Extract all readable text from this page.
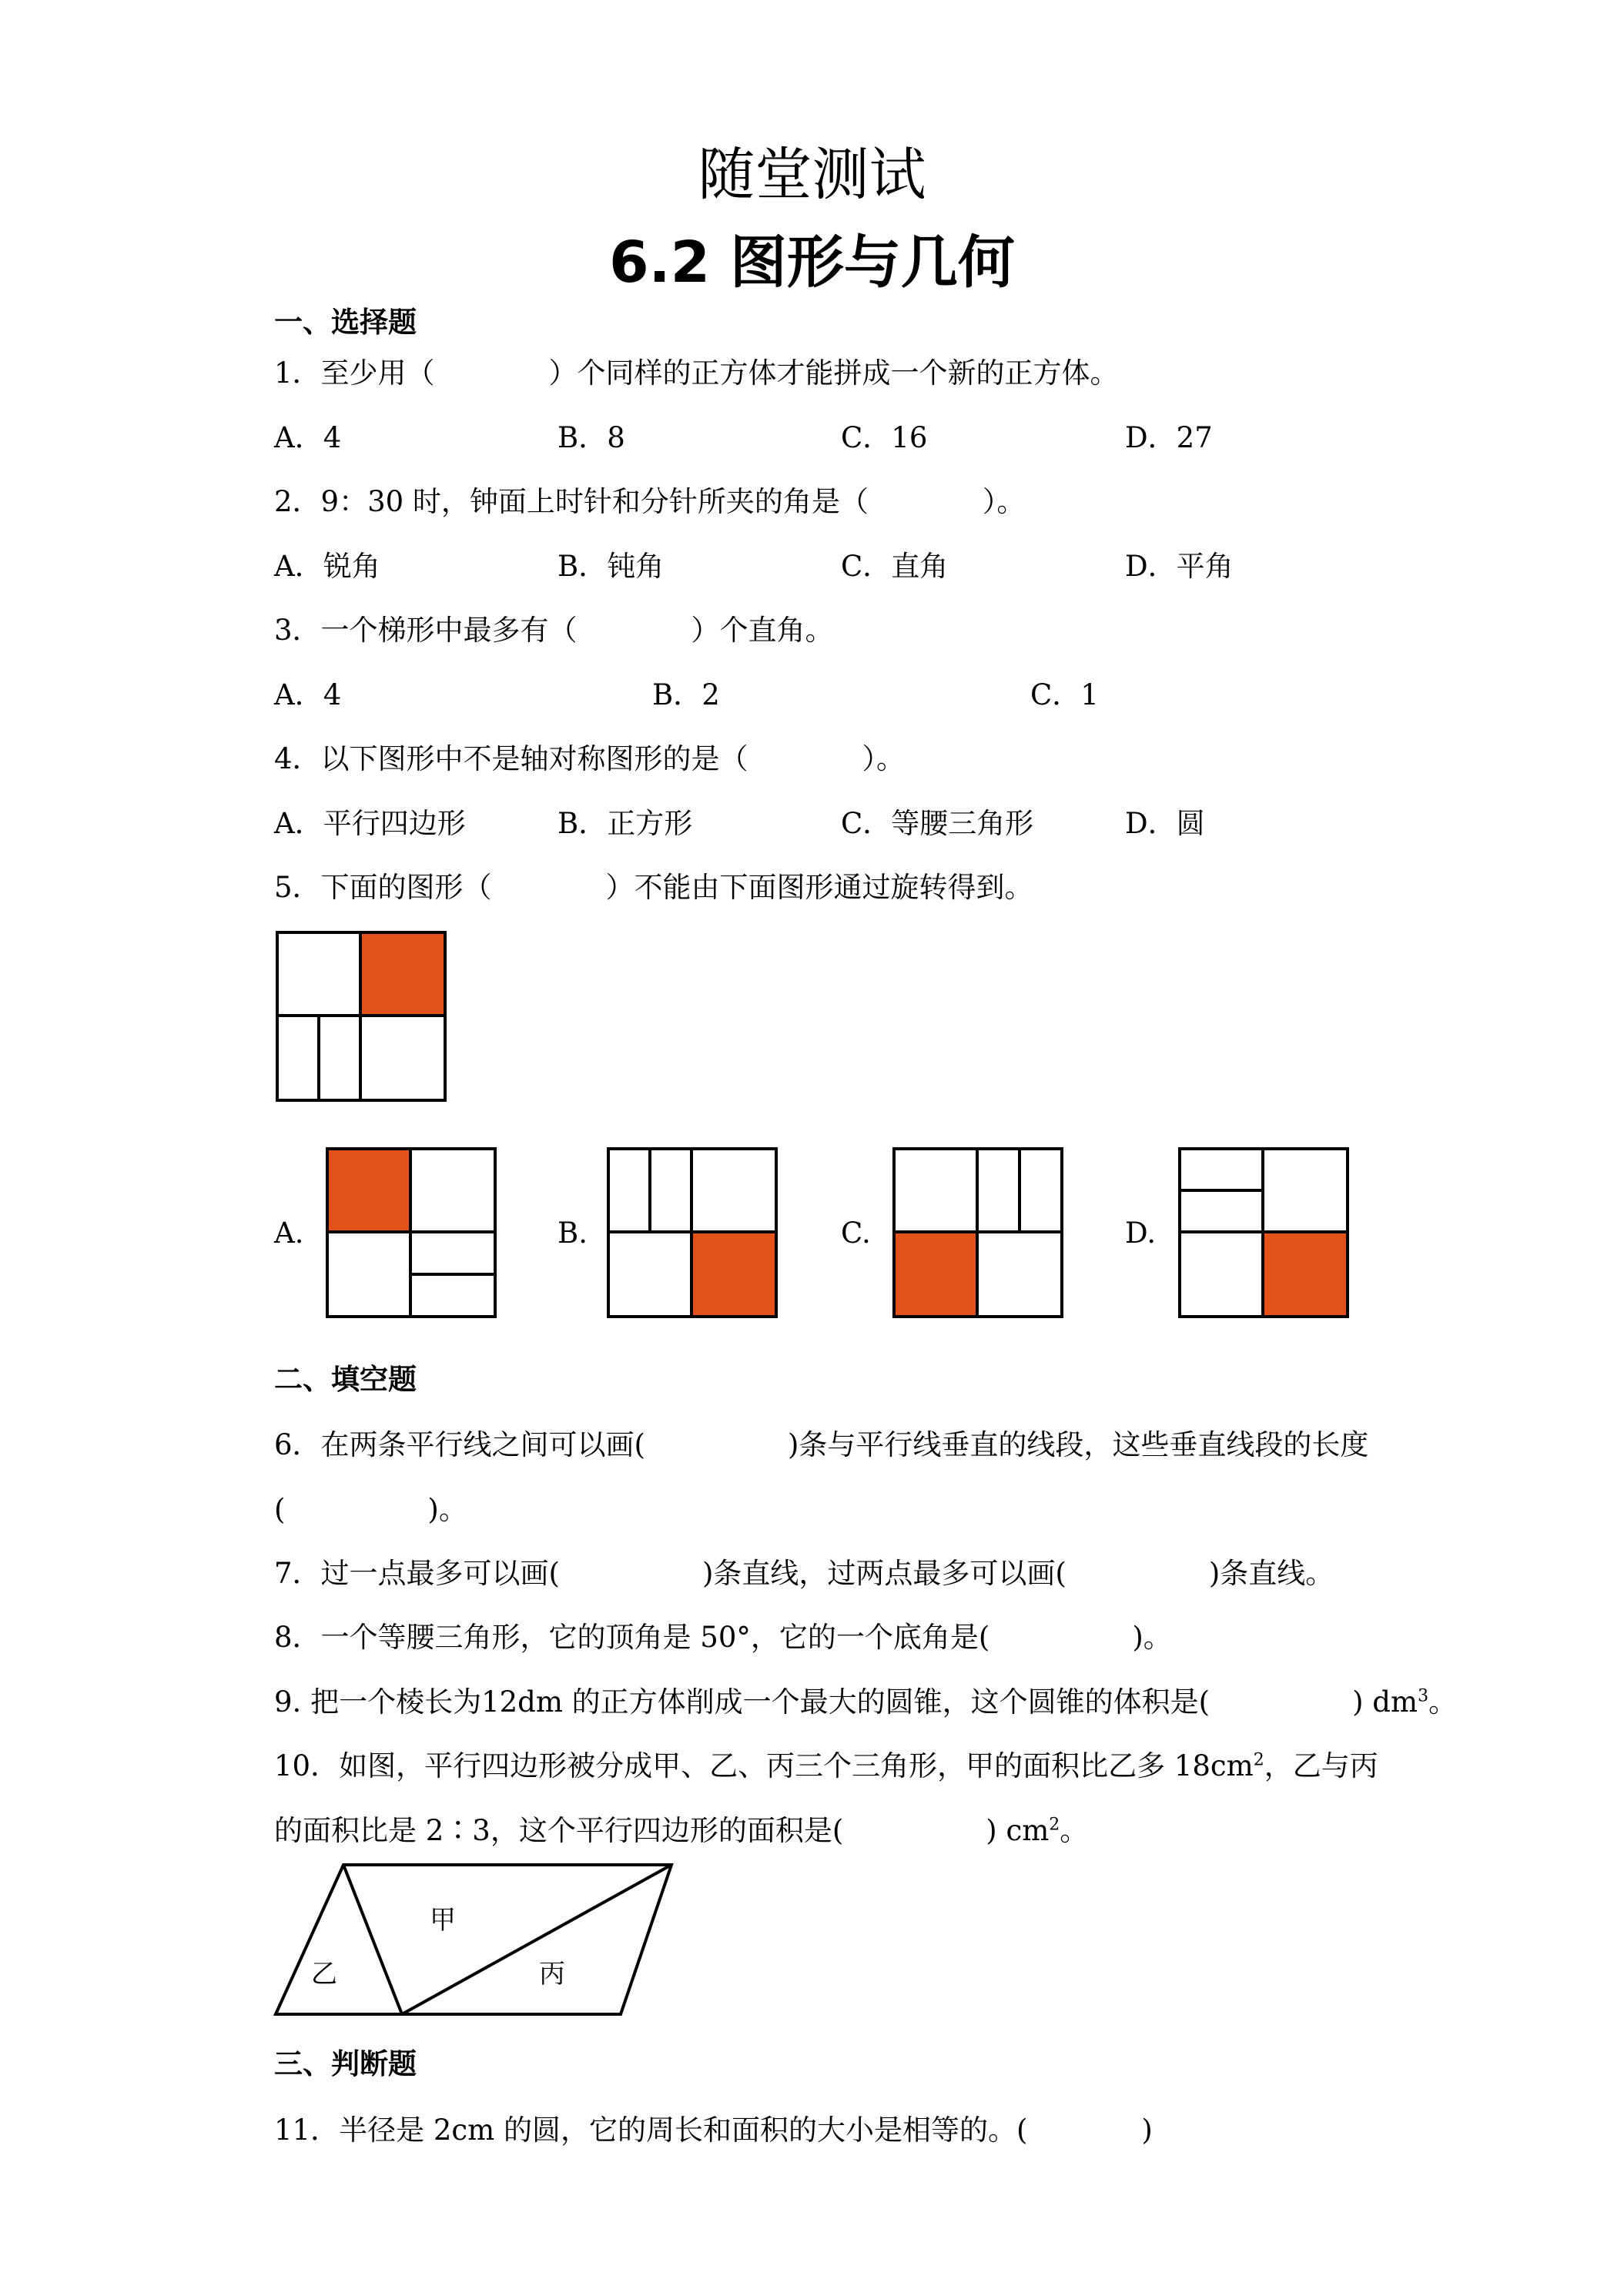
随堂测试
6.2 图形与几何
一、选择题
1．至少用（　　　　）个同样的正方体才能拼成一个新的正方体。
A．4	B．8	C．16	D．27
2．9：30 时，钟面上时针和分针所夹的角是（　　　　）。
A．锐角	B．钝角	C．直角	D．平角
3．一个梯形中最多有（　　　　）个直角。
A．4	B．2	C．1
4．以下图形中不是轴对称图形的是（　　　　）。
A．平行四边形	B．正方形	C．等腰三角形	D．圆
5．下面的图形（　　　　）不能由下面图形通过旋转得到。
A.	B.	C.	D.
二、填空题
6．在两条平行线之间可以画(　　　　　)条与平行线垂直的线段，这些垂直线段的长度
(　　　　　)。
7．过一点最多可以画(　　　　　)条直线，过两点最多可以画(　　　　　)条直线。
8．一个等腰三角形，它的顶角是 50°，它的一个底角是(　　　　　)。
9. 把一个棱长为12dm 的正方体削成一个最大的圆锥，这个圆锥的体积是(　　　　　) $dm^3$。
10．如图，平行四边形被分成甲、乙、丙三个三角形，甲的面积比乙多 $18cm^2$，乙与丙
的面积比是 2∶3，这个平行四边形的面积是(　　　　　) $cm^2$。
甲
乙	丙
三、判断题
11．半径是 2cm 的圆，它的周长和面积的大小是相等的。(　　　　)
